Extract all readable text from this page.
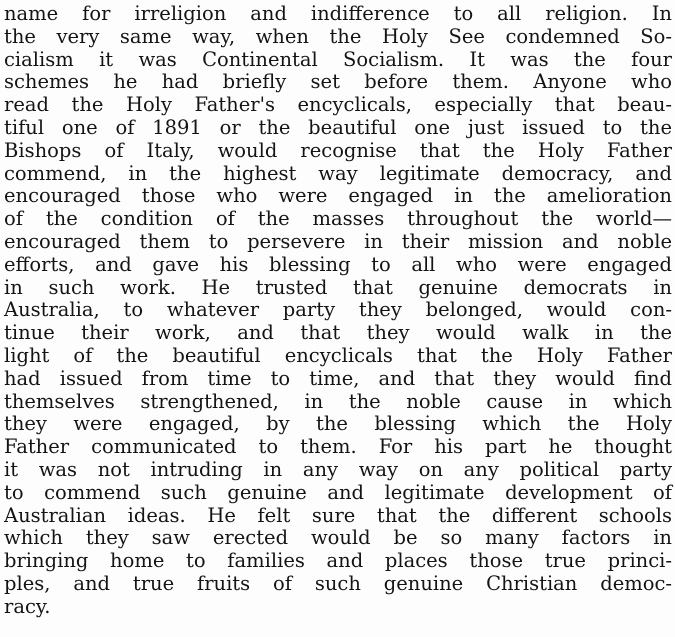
name for irreligion and indifference to all religion. In
the very same way, when the Holy See condemned So-
cialism it was Continental Socialism. It was the four
schemes he had briefly set before them. Anyone who
read the Holy Father's encyclicals, especially that beau-
tiful one of 1891 or the beautiful one just issued to the
Bishops of Italy, would recognise that the Holy Father
commend, in the highest way legitimate democracy, and
encouraged those who were engaged in the amelioration
of the condition of the masses throughout the world—
encouraged them to persevere in their mission and noble
efforts, and gave his blessing to all who were engaged
in such work. He trusted that genuine democrats in
Australia, to whatever party they belonged, would con-
tinue their work, and that they would walk in the
light of the beautiful encyclicals that the Holy Father
had issued from time to time, and that they would find
themselves strengthened, in the noble cause in which
they were engaged, by the blessing which the Holy
Father communicated to them. For his part he thought
it was not intruding in any way on any political party
to commend such genuine and legitimate development of
Australian ideas. He felt sure that the different schools
which they saw erected would be so many factors in
bringing home to families and places those true princi-
ples, and true fruits of such genuine Christian democ-
racy.
